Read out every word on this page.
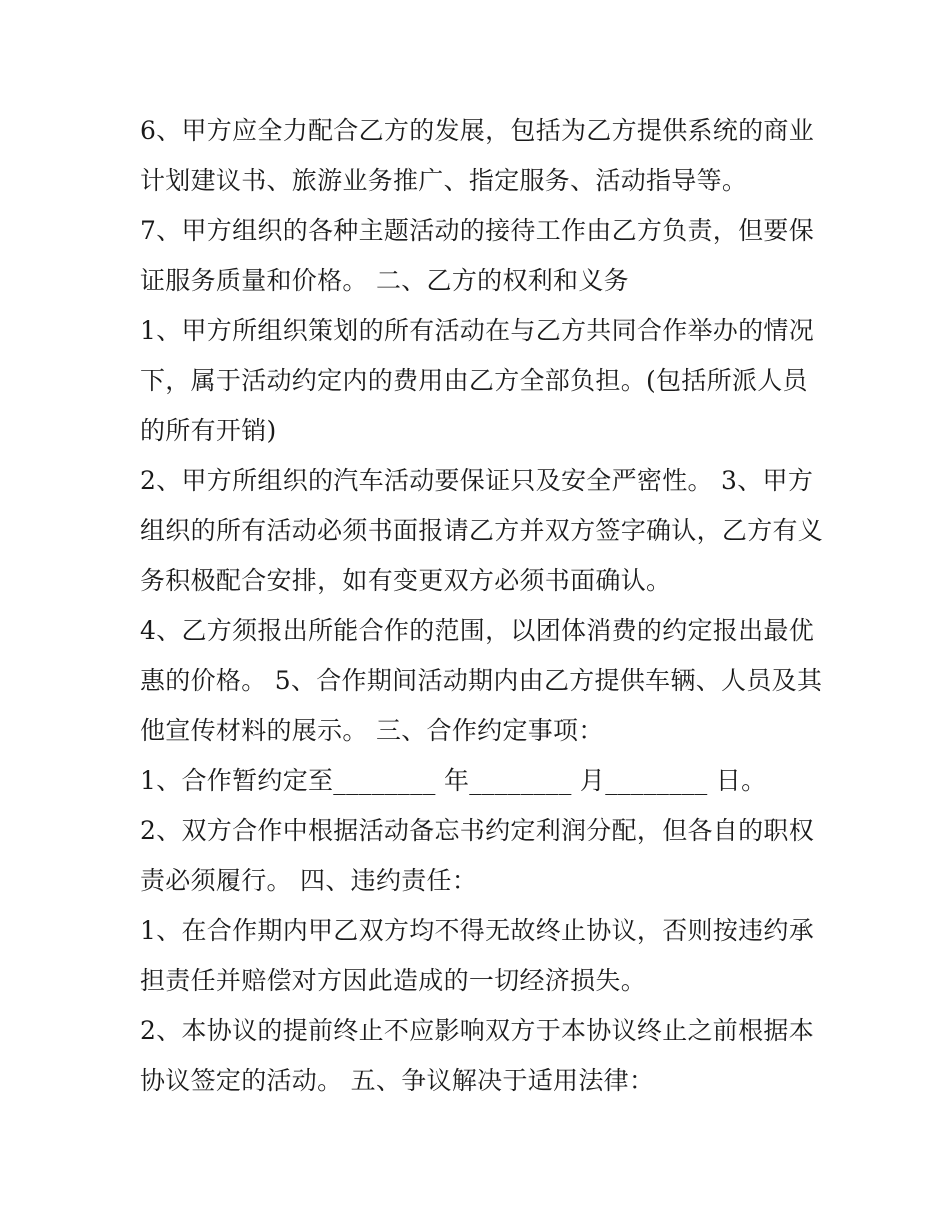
6、甲方应全力配合乙方的发展，包括为乙方提供系统的商业
计划建议书、旅游业务推广、指定服务、活动指导等。
7、甲方组织的各种主题活动的接待工作由乙方负责，但要保
证服务质量和价格。 二、乙方的权利和义务
1、甲方所组织策划的所有活动在与乙方共同合作举办的情况
下，属于活动约定内的费用由乙方全部负担。(包括所派人员
的所有开销)
2、甲方所组织的汽车活动要保证只及安全严密性。 3、甲方
组织的所有活动必须书面报请乙方并双方签字确认，乙方有义
务积极配合安排，如有变更双方必须书面确认。
4、乙方须报出所能合作的范围，以团体消费的约定报出最优
惠的价格。 5、合作期间活动期内由乙方提供车辆、人员及其
他宣传材料的展示。 三、合作约定事项：
1、合作暂约定至________ 年________ 月________ 日。
2、双方合作中根据活动备忘书约定利润分配，但各自的职权
责必须履行。 四、违约责任：
1、在合作期内甲乙双方均不得无故终止协议，否则按违约承
担责任并赔偿对方因此造成的一切经济损失。
2、本协议的提前终止不应影响双方于本协议终止之前根据本
协议签定的活动。 五、争议解决于适用法律：
